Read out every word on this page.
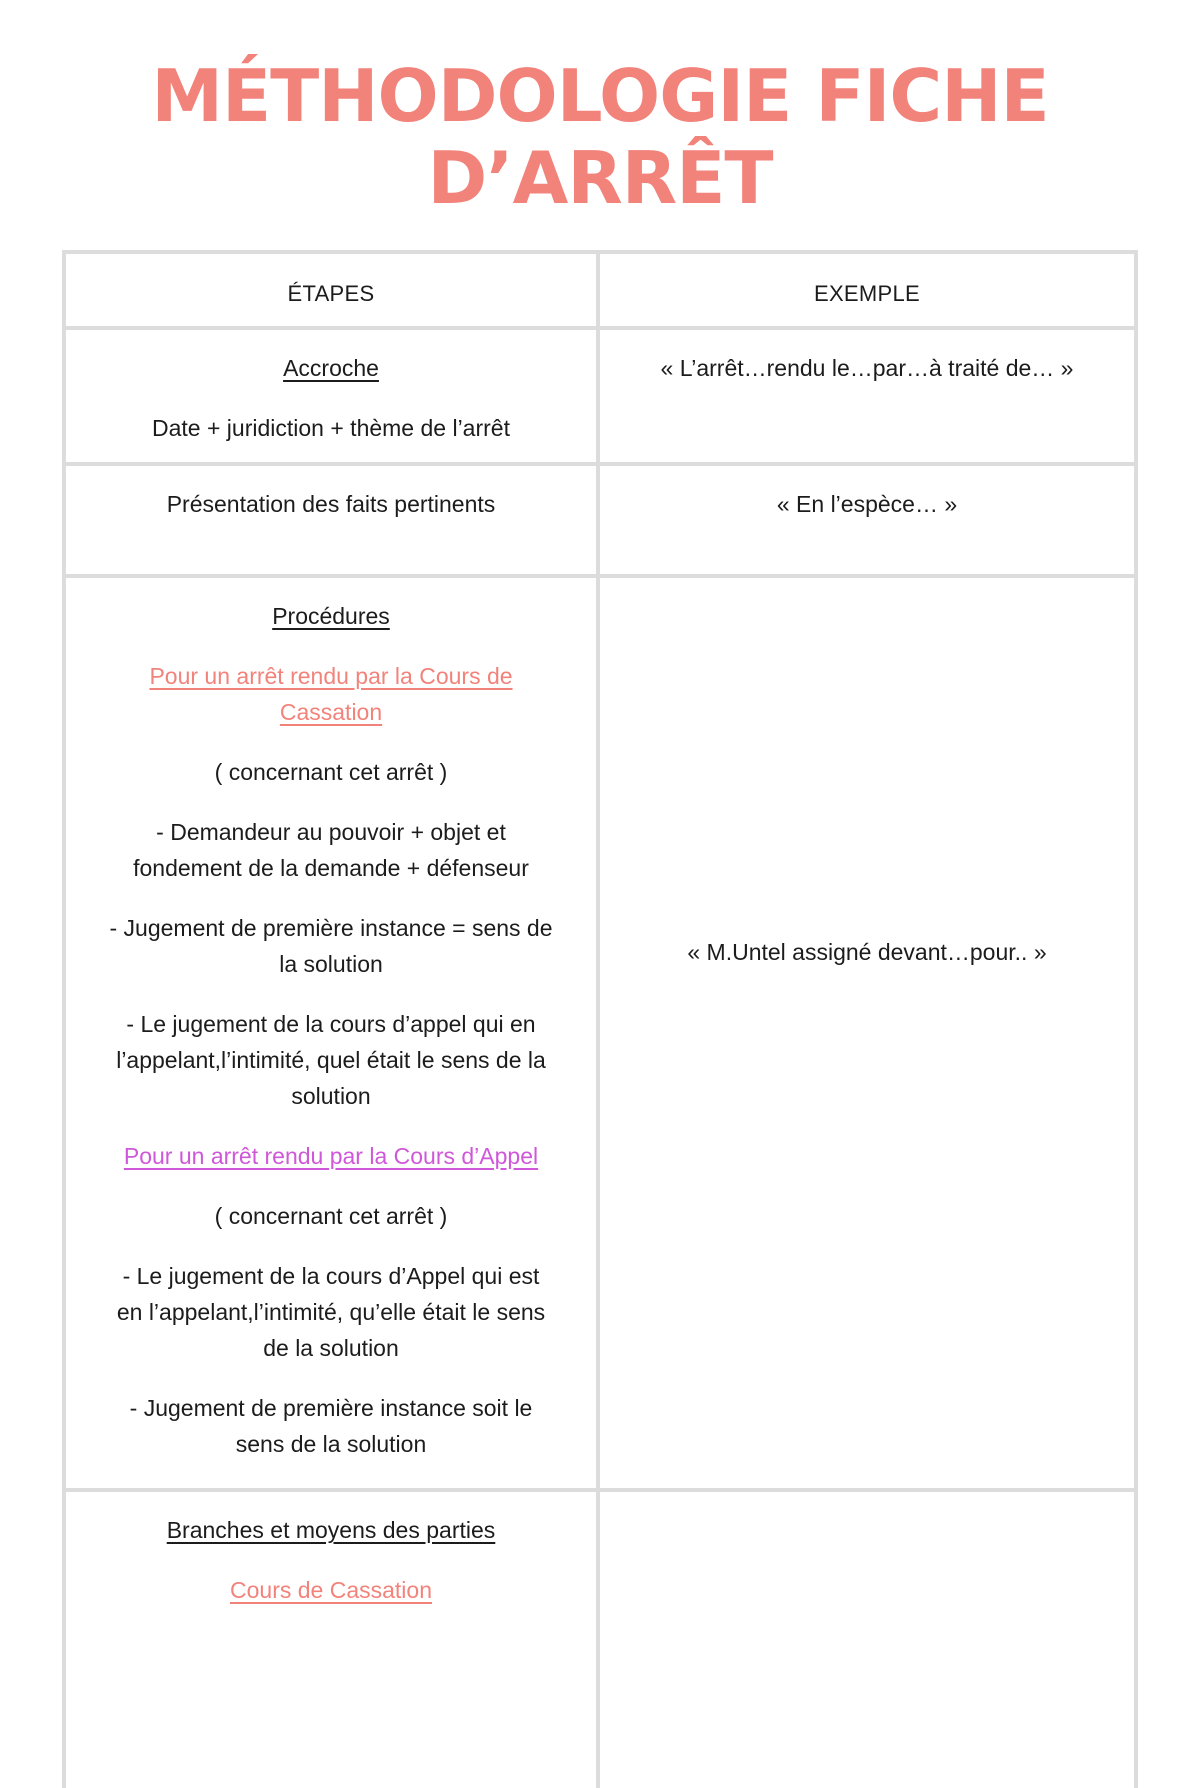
MÉTHODOLOGIE FICHE
D’ARRÊT

ÉTAPES	EXEMPLE

Accroche

Date + juridiction + thème de l’arrêt

« L’arrêt…rendu le…par…à traité de… »

Présentation des faits pertinents	« En l’espèce… »

Procédures

Pour un arrêt rendu par la Cours de

Cassation

( concernant cet arrêt )

- Demandeur au pouvoir + objet et

fondement de la demande + défenseur

- Jugement de première instance = sens de

la solution

- Le jugement de la cours d’appel qui en

l’appelant,l’intimité, quel était le sens de la

solution

Pour un arrêt rendu par la Cours d’Appel

( concernant cet arrêt )

- Le jugement de la cours d’Appel qui est

en l’appelant,l’intimité, qu’elle était le sens

de la solution

- Jugement de première instance soit le

sens de la solution

« M.Untel assigné devant…pour.. »

Branches et moyens des parties

Cours de Cassation
